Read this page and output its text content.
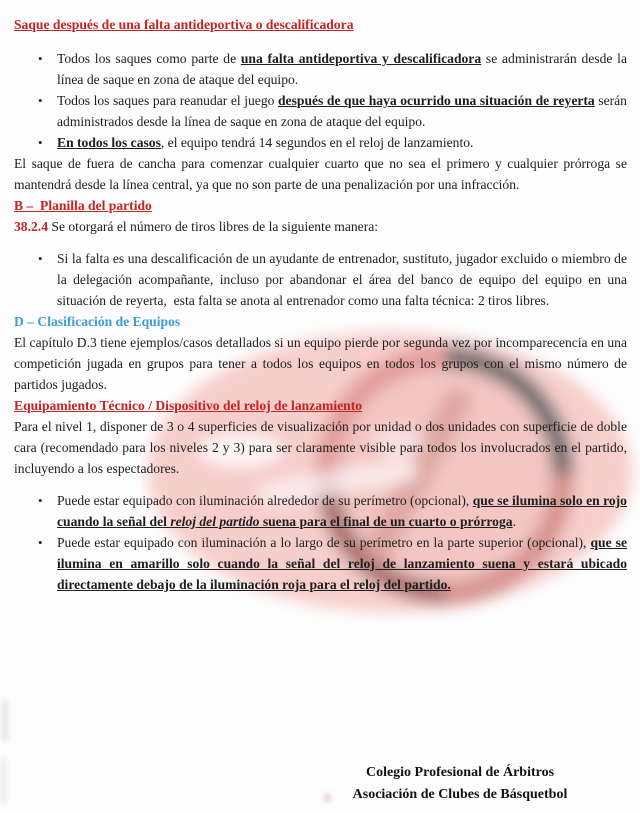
Saque después de una falta antideportiva o descalificadora
• Todos los saques como parte de una falta antideportiva y descalificadora se administrarán desde la línea de saque en zona de ataque del equipo.
• Todos los saques para reanudar el juego después de que haya ocurrido una situación de reyerta serán administrados desde la línea de saque en zona de ataque del equipo.
• En todos los casos, el equipo tendrá 14 segundos en el reloj de lanzamiento.

El saque de fuera de cancha para comenzar cualquier cuarto que no sea el primero y cualquier prórroga se mantendrá desde la línea central, ya que no son parte de una penalización por una infracción.

B –  Planilla del partido

38.2.4 Se otorgará el número de tiros libres de la siguiente manera:

• Si la falta es una descalificación de un ayudante de entrenador, sustituto, jugador excluido o miembro de la delegación acompañante, incluso por abandonar el área del banco de equipo del equipo en una situación de reyerta,  esta falta se anota al entrenador como una falta técnica: 2 tiros libres.
D – Clasificación de Equipos

El capítulo D.3 tiene ejemplos/casos detallados si un equipo pierde por segunda vez por incomparecencia en una competición jugada en grupos para tener a todos los equipos en todos los grupos con el mismo número de partidos jugados.

Equipamiento Técnico / Dispositivo del reloj de lanzamiento

Para el nivel 1, disponer de 3 o 4 superficies de visualización por unidad o dos unidades con superficie de doble cara (recomendado para los niveles 2 y 3) para ser claramente visible para todos los involucrados en el partido, incluyendo a los espectadores.

• Puede estar equipado con iluminación alrededor de su perímetro (opcional), que se ilumina solo en rojo cuando la señal del reloj del partido suena para el final de un cuarto o prórroga.
• Puede estar equipado con iluminación a lo largo de su perímetro en la parte superior (opcional), que se ilumina en amarillo solo cuando la señal del reloj de lanzamiento suena y estará ubicado directamente debajo de la iluminación roja para el reloj del partido.
Colegio Profesional de Árbitros
Asociación de Clubes de Básquetbol
